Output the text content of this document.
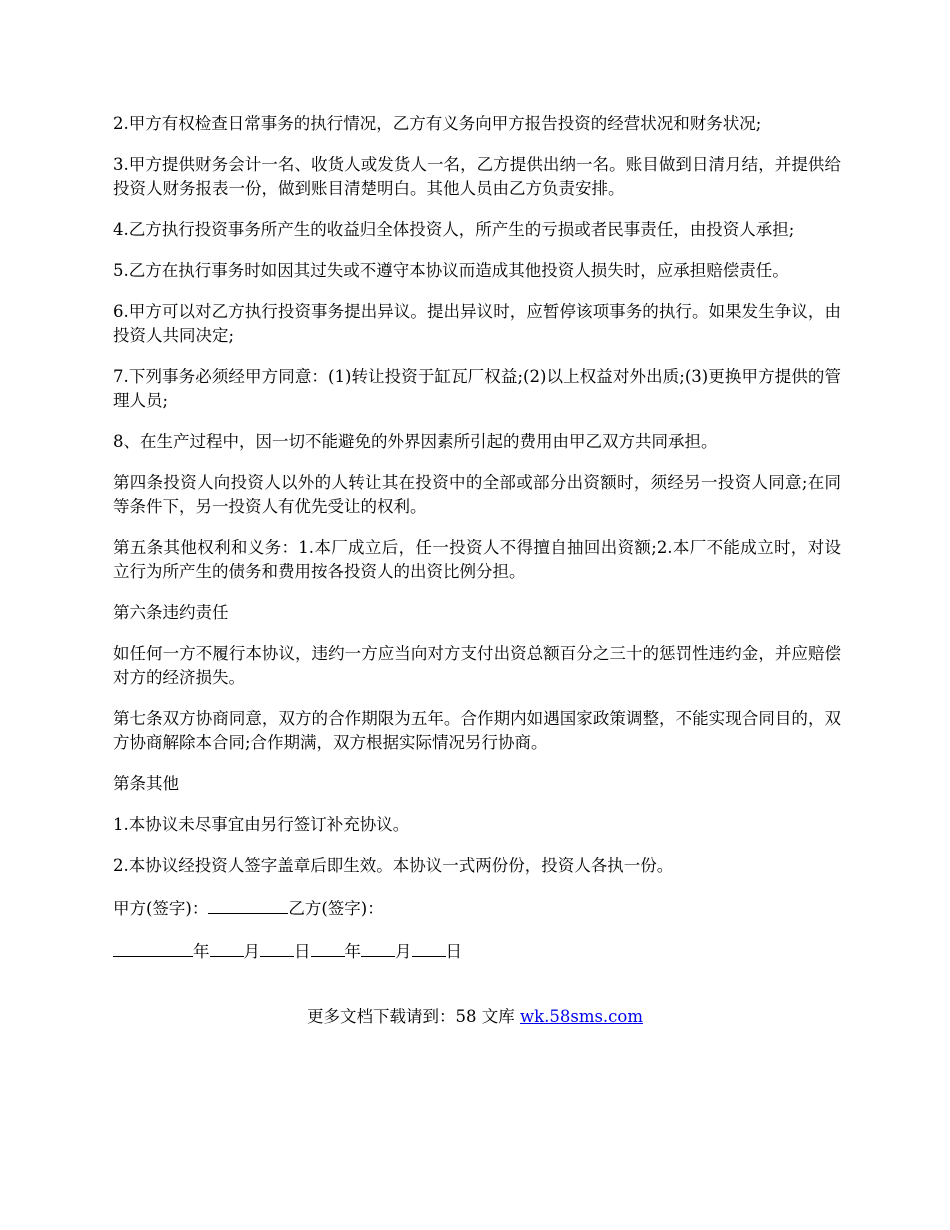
2.甲方有权检查日常事务的执行情况，乙方有义务向甲方报告投资的经营状况和财务状况;

3.甲方提供财务会计一名、收货人或发货人一名，乙方提供出纳一名。账目做到日清月结，并提供给投资人财务报表一份，做到账目清楚明白。其他人员由乙方负责安排。

4.乙方执行投资事务所产生的收益归全体投资人，所产生的亏损或者民事责任，由投资人承担;

5.乙方在执行事务时如因其过失或不遵守本协议而造成其他投资人损失时，应承担赔偿责任。

6.甲方可以对乙方执行投资事务提出异议。提出异议时，应暂停该项事务的执行。如果发生争议，由投资人共同决定;

7.下列事务必须经甲方同意：(1)转让投资于缸瓦厂权益;(2)以上权益对外出质;(3)更换甲方提供的管理人员;

8、在生产过程中，因一切不能避免的外界因素所引起的费用由甲乙双方共同承担。

第四条投资人向投资人以外的人转让其在投资中的全部或部分出资额时，须经另一投资人同意;在同等条件下，另一投资人有优先受让的权利。

第五条其他权利和义务：1.本厂成立后，任一投资人不得擅自抽回出资额;2.本厂不能成立时，对设立行为所产生的债务和费用按各投资人的出资比例分担。

第六条违约责任

如任何一方不履行本协议，违约一方应当向对方支付出资总额百分之三十的惩罚性违约金，并应赔偿对方的经济损失。

第七条双方协商同意，双方的合作期限为五年。合作期内如遇国家政策调整，不能实现合同目的，双方协商解除本合同;合作期满，双方根据实际情况另行协商。

第条其他

1.本协议未尽事宜由另行签订补充协议。

2.本协议经投资人签字盖章后即生效。本协议一式两份份，投资人各执一份。

甲方(签字)：	乙方(签字)：

年 月 日 年 月 日

更多文档下载请到：58 文库 wk.58sms.com
